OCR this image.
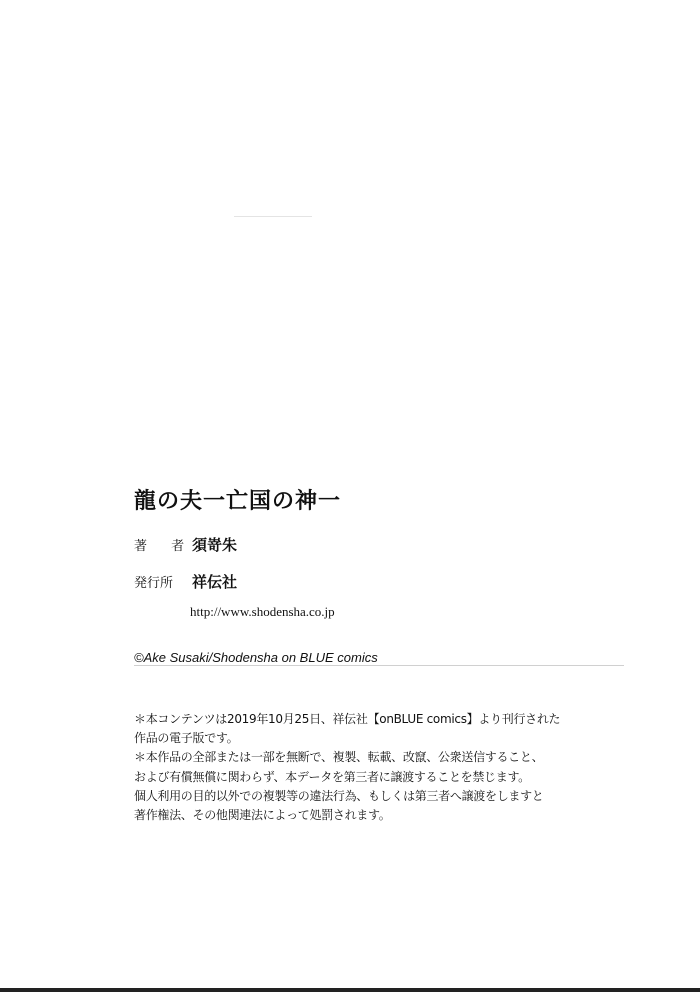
龍の夫一亡国の神一
著 者
須嵜朱
発行所	祥伝社
http://www.shodensha.co.jp
©Ake Susaki/Shodensha on BLUE comics
＊本コンテンツは2019年10月25日、祥伝社【onBLUE comics】より刊行された
作品の電子版です。
＊本作品の全部または一部を無断で、複製、転載、改竄、公衆送信すること、
および有償無償に関わらず、本データを第三者に譲渡することを禁じます。
個人利用の目的以外での複製等の違法行為、もしくは第三者へ譲渡をしますと
著作権法、その他関連法によって処罰されます。
